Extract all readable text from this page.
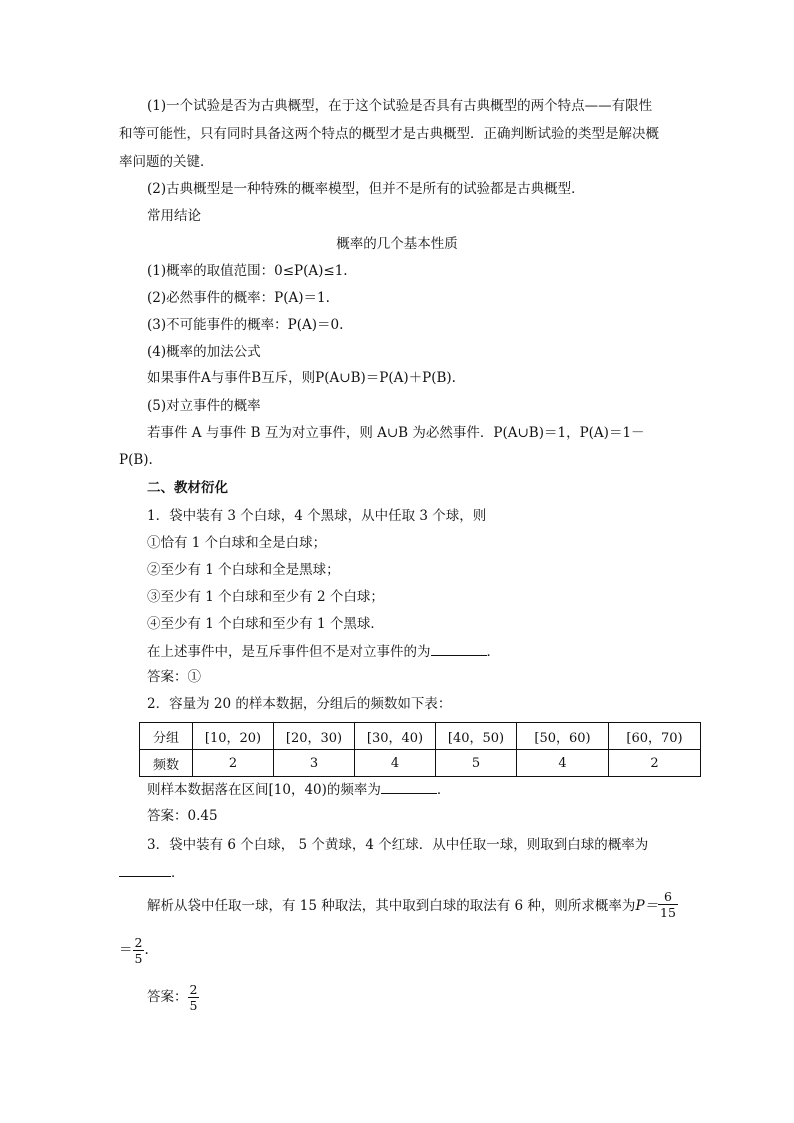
(1)一个试验是否为古典概型，在于这个试验是否具有古典概型的两个特点——有限性
和等可能性，只有同时具备这两个特点的概型才是古典概型．正确判断试验的类型是解决概
率问题的关键．
(2)古典概型是一种特殊的概率模型，但并不是所有的试验都是古典概型．
常用结论
概率的几个基本性质
(1)概率的取值范围：0≤P(A)≤1.
(2)必然事件的概率：P(A)＝1.
(3)不可能事件的概率：P(A)＝0.
(4)概率的加法公式
如果事件A与事件B互斥，则P(A∪B)＝P(A)＋P(B).
(5)对立事件的概率
若事件 A 与事件 B 互为对立事件，则 A∪B 为必然事件．P(A∪B)＝1，P(A)＝1－
P(B).
二、教材衍化
1．袋中装有 3 个白球，4 个黑球，从中任取 3 个球，则
①恰有 1 个白球和全是白球；
②至少有 1 个白球和全是黑球；
③至少有 1 个白球和至少有 2 个白球；
④至少有 1 个白球和至少有 1 个黑球．
在上述事件中，是互斥事件但不是对立事件的为	．
答案：①
2．容量为 20 的样本数据，分组后的频数如下表：
分组	[10，20)	[20，30)	[30，40)	[40，50)	[50，60)	[60，70)
频数	2	3	4	5	4	2
则样本数据落在区间[10，40)的频率为	．
答案：0.45
3．袋中装有 6 个白球， 5 个黄球，4 个红球．从中任取一球，则取到白球的概率为
．
解析从袋中任取一球，有 15 种取法，其中取到白球的取法有 6 种，则所求概率为$P= \frac{6}{15}$
＝ $\frac{2}{5}$ .
答案： $\frac{2}{5}$
